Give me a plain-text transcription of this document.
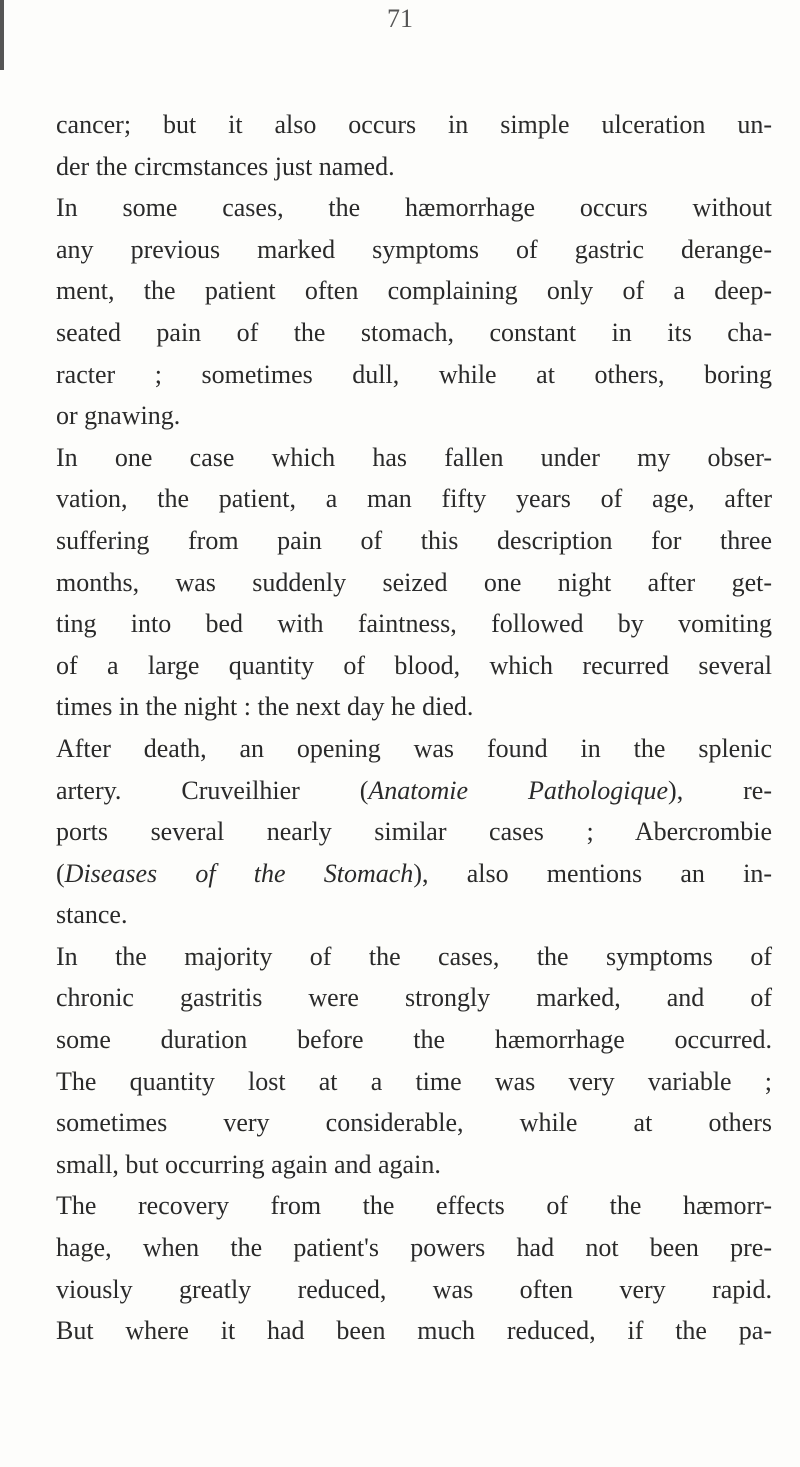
71
cancer; but it also occurs in simple ulceration un-
der the circmstances just named.
In some cases, the hæmorrhage occurs without
any previous marked symptoms of gastric derange-
ment, the patient often complaining only of a deep-
seated pain of the stomach, constant in its cha-
racter ; sometimes dull, while at others, boring
or gnawing.
In one case which has fallen under my obser-
vation, the patient, a man fifty years of age, after
suffering from pain of this description for three
months, was suddenly seized one night after get-
ting into bed with faintness, followed by vomiting
of a large quantity of blood, which recurred several
times in the night : the next day he died.
After death, an opening was found in the splenic
artery. Cruveilhier (Anatomie Pathologique), re-
ports several nearly similar cases ; Abercrombie
(Diseases of the Stomach), also mentions an in-
stance.
In the majority of the cases, the symptoms of
chronic gastritis were strongly marked, and of
some duration before the hæmorrhage occurred.
The quantity lost at a time was very variable ;
sometimes very considerable, while at others
small, but occurring again and again.
The recovery from the effects of the hæmorr-
hage, when the patient's powers had not been pre-
viously greatly reduced, was often very rapid.
But where it had been much reduced, if the pa-
